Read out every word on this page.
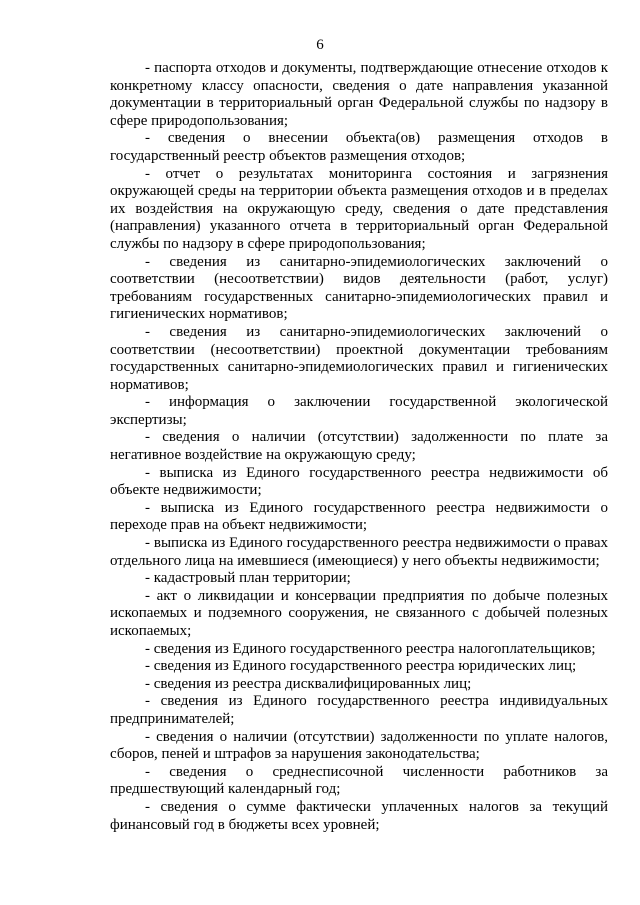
6

- паспорта отходов и документы, подтверждающие отнесение отходов к конкретному классу опасности, сведения о дате направления указанной документации в территориальный орган Федеральной службы по надзору в сфере природопользования;

- сведения о внесении объекта(ов) размещения отходов в государственный реестр объектов размещения отходов;

- отчет о результатах мониторинга состояния и загрязнения окружающей среды на территории объекта размещения отходов и в пределах их воздействия на окружающую среду, сведения о дате представления (направления) указанного отчета в территориальный орган Федеральной службы по надзору в сфере природопользования;

- сведения из санитарно-эпидемиологических заключений о соответствии (несоответствии) видов деятельности (работ, услуг) требованиям государственных санитарно-эпидемиологических правил и гигиенических нормативов;

- сведения из санитарно-эпидемиологических заключений о соответствии (несоответствии) проектной документации требованиям государственных санитарно-эпидемиологических правил и гигиенических нормативов;

- информация о заключении государственной экологической экспертизы;

- сведения о наличии (отсутствии) задолженности по плате за негативное воздействие на окружающую среду;

- выписка из Единого государственного реестра недвижимости об объекте недвижимости;

- выписка из Единого государственного реестра недвижимости о переходе прав на объект недвижимости;

- выписка из Единого государственного реестра недвижимости о правах отдельного лица на имевшиеся (имеющиеся) у него объекты недвижимости;

- кадастровый план территории;

- акт о ликвидации и консервации предприятия по добыче полезных ископаемых и подземного сооружения, не связанного с добычей полезных ископаемых;

- сведения из Единого государственного реестра налогоплательщиков;

- сведения из Единого государственного реестра юридических лиц;

- сведения из реестра дисквалифицированных лиц;

- сведения из Единого государственного реестра индивидуальных предпринимателей;

- сведения о наличии (отсутствии) задолженности по уплате налогов, сборов, пеней и штрафов за нарушения законодательства;

- сведения о среднесписочной численности работников за предшествующий календарный год;

- сведения о сумме фактически уплаченных налогов за текущий финансовый год в бюджеты всех уровней;
